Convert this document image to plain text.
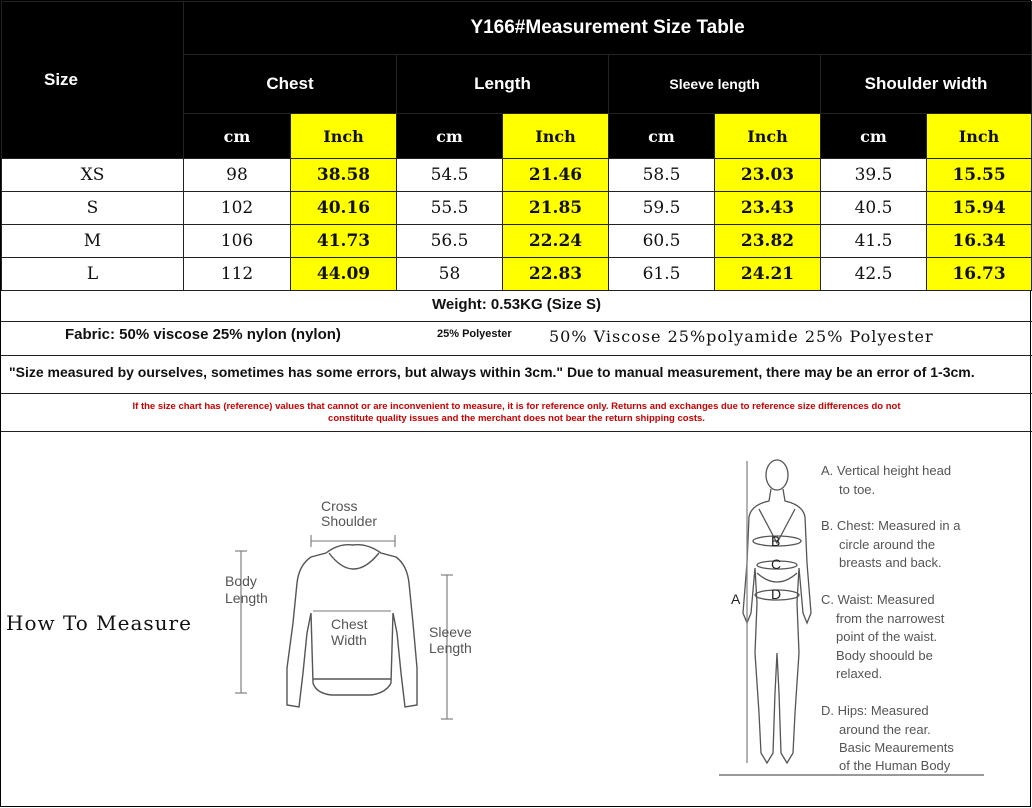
Size	Y166#Measurement Size Table							
	Chest		Length		Sleeve length		Shoulder width	
	cm	Inch	cm	Inch	cm	Inch	cm	Inch
XS	98	38.58	54.5	21.46	58.5	23.03	39.5	15.55
S	102	40.16	55.5	21.85	59.5	23.43	40.5	15.94
M	106	41.73	56.5	22.24	60.5	23.82	41.5	16.34
L	112	44.09	58	22.83	61.5	24.21	42.5	16.73
Weight: 0.53KG (Size S)
Fabric: 50% viscose 25% nylon (nylon)	25% Polyester 50% Viscose 25%polyamide 25% Polyester
"Size measured by ourselves, sometimes has some errors, but always within 3cm." Due to manual measurement, there may be an error of 1-3cm.
If the size chart has (reference) values that cannot or are inconvenient to measure, it is for reference only. Returns and exchanges due to reference size differences do not
constitute quality issues and the merchant does not bear the return shipping costs.
How To Measure
Cross
Shoulder
Body
Length
Chest
Width	Sleeve
Length
A
B
C
D
A. Vertical height head
to toe.
B. Chest: Measured in a
circle around the
breasts and back.
C. Waist: Measured
from the narrowest
point of the waist.
Body shoould be
relaxed.
D. Hips: Measured
around the rear.
Basic Meaurements
of the Human Body
